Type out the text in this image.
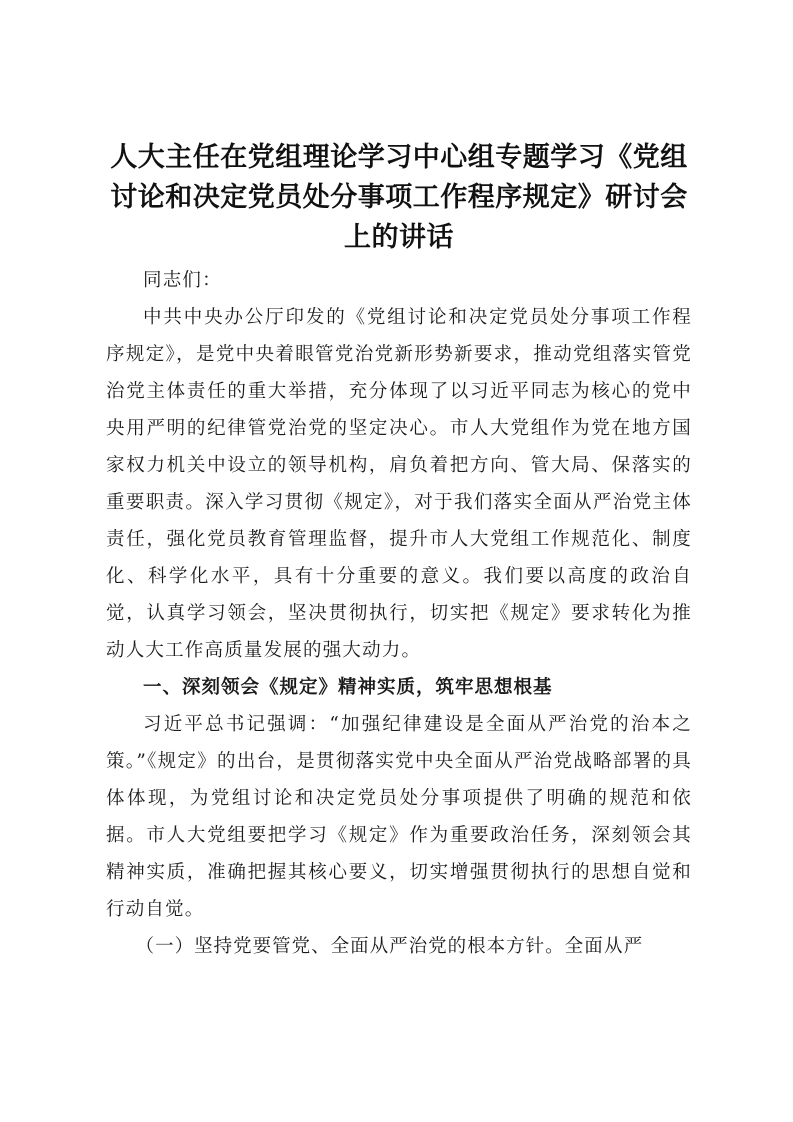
人大主任在党组理论学习中心组专题学习《党组讨论和决定党员处分事项工作程序规定》研讨会上的讲话

同志们：

中共中央办公厅印发的《党组讨论和决定党员处分事项工作程序规定》，是党中央着眼管党治党新形势新要求，推动党组落实管党治党主体责任的重大举措，充分体现了以习近平同志为核心的党中央用严明的纪律管党治党的坚定决心。市人大党组作为党在地方国家权力机关中设立的领导机构，肩负着把方向、管大局、保落实的重要职责。深入学习贯彻《规定》，对于我们落实全面从严治党主体责任，强化党员教育管理监督，提升市人大党组工作规范化、制度化、科学化水平，具有十分重要的意义。我们要以高度的政治自觉，认真学习领会，坚决贯彻执行，切实把《规定》要求转化为推动人大工作高质量发展的强大动力。

一、深刻领会《规定》精神实质，筑牢思想根基

习近平总书记强调：“加强纪律建设是全面从严治党的治本之策。”《规定》的出台，是贯彻落实党中央全面从严治党战略部署的具体体现，为党组讨论和决定党员处分事项提供了明确的规范和依据。市人大党组要把学习《规定》作为重要政治任务，深刻领会其精神实质，准确把握其核心要义，切实增强贯彻执行的思想自觉和行动自觉。

（一）坚持党要管党、全面从严治党的根本方针。全面从严
